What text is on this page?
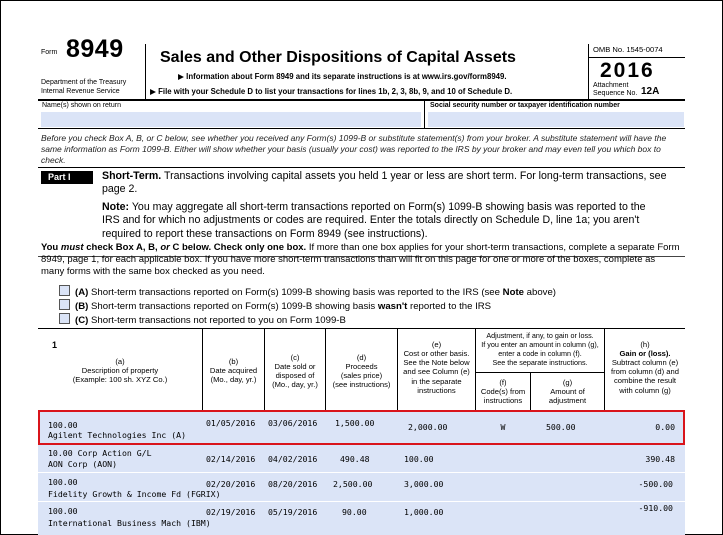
Form 8949
Department of the Treasury
Internal Revenue Service
Sales and Other Dispositions of Capital Assets
▶ Information about Form 8949 and its separate instructions is at www.irs.gov/form8949.
▶ File with your Schedule D to list your transactions for lines 1b, 2, 3, 8b, 9, and 10 of Schedule D.
OMB No. 1545-0074
2016
Attachment
Sequence No. 12A
Name(s) shown on return	Social security number or taxpayer identification number
Before you check Box A, B, or C below, see whether you received any Form(s) 1099-B or substitute statement(s) from your broker. A substitute statement will have the same information as Form 1099-B. Either will show whether your basis (usually your cost) was reported to the IRS by your broker and may even tell you which box to check.
Part I	Short-Term. Transactions involving capital assets you held 1 year or less are short term. For long-term transactions, see page 2.
Note: You may aggregate all short-term transactions reported on Form(s) 1099-B showing basis was reported to the IRS and for which no adjustments or codes are required. Enter the totals directly on Schedule D, line 1a; you aren't required to report these transactions on Form 8949 (see instructions).
You must check Box A, B, or C below. Check only one box. If more than one box applies for your short-term transactions, complete a separate Form 8949, page 1, for each applicable box. If you have more short-term transactions than will fit on this page for one or more of the boxes, complete as many forms with the same box checked as you need.
(A) Short-term transactions reported on Form(s) 1099-B showing basis was reported to the IRS (see Note above)
(B) Short-term transactions reported on Form(s) 1099-B showing basis wasn't reported to the IRS
(C) Short-term transactions not reported to you on Form 1099-B
1
(a)
Description of property
(Example: 100 sh. XYZ Co.)
(b)
Date acquired
(Mo., day, yr.)
(c)
Date sold or
disposed of
(Mo., day, yr.)
(d)
Proceeds
(sales price)
(see instructions)
(e)
Cost or other basis.
See the Note below
and see Column (e)
in the separate
instructions
Adjustment, if any, to gain or loss.
If you enter an amount in column (g),
enter a code in column (f).
See the separate instructions.
(f)
Code(s) from
instructions
(g)
Amount of
adjustment
(h)
Gain or (loss).
Subtract column (e)
from column (d) and
combine the result
with column (g)
100.00
Agilent Technologies Inc (A)
01/05/2016 03/06/2016 1,500.00	2,000.00	W	500.00	0.00
10.00 Corp Action G/L
AON Corp (AON)	02/14/2016 04/02/2016	490.48	100.00	390.48
100.00
Fidelity Growth & Income Fd (FGRIX)
02/20/2016 08/20/2016 2,500.00	3,000.00	-500.00
100.00
International Business Mach (IBM)
02/19/2016 05/19/2016	90.00	1,000.00	-910.00
